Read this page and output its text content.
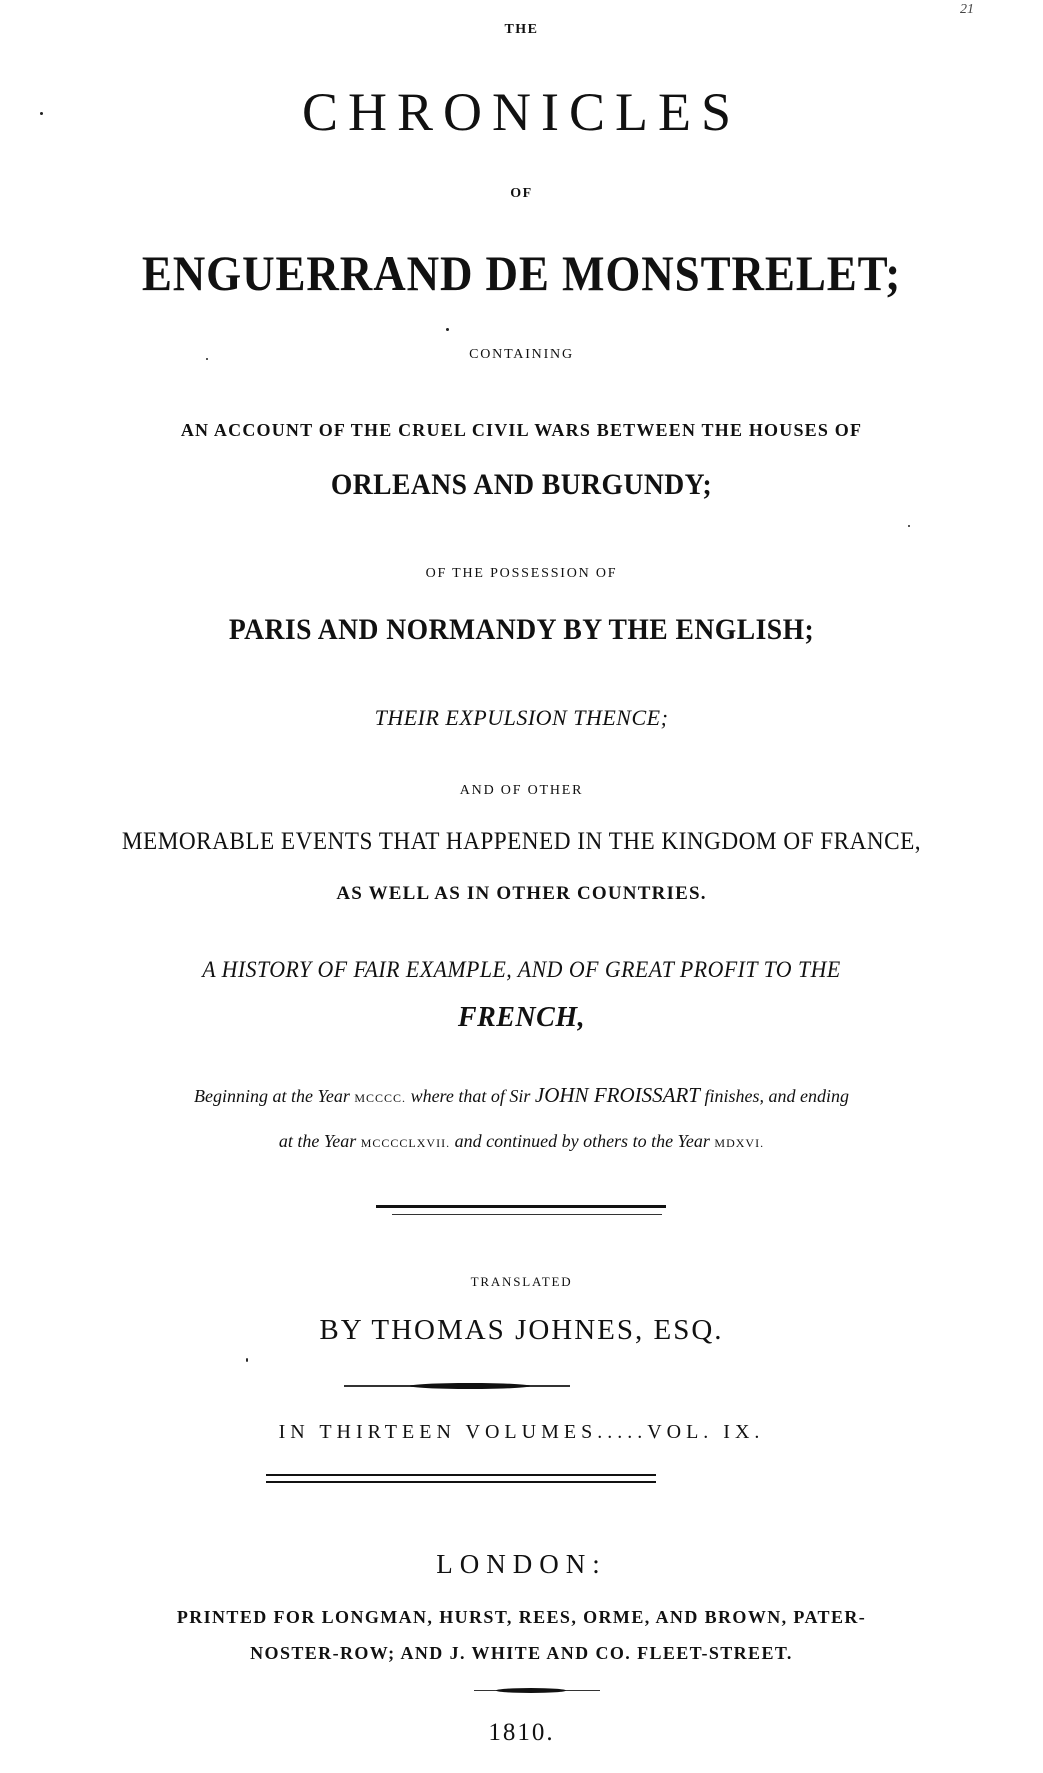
21
THE
CHRONICLES
OF
ENGUERRAND DE MONSTRELET;
CONTAINING
AN ACCOUNT OF THE CRUEL CIVIL WARS BETWEEN THE HOUSES OF
ORLEANS AND BURGUNDY;
OF THE POSSESSION OF
PARIS AND NORMANDY BY THE ENGLISH;
THEIR EXPULSION THENCE;
AND OF OTHER
MEMORABLE EVENTS THAT HAPPENED IN THE KINGDOM OF FRANCE,
AS WELL AS IN OTHER COUNTRIES.
A HISTORY OF FAIR EXAMPLE, AND OF GREAT PROFIT TO THE
FRENCH,
Beginning at the Year MCCCC. where that of Sir JOHN FROISSART finishes, and ending
at the Year MCCCCLXVII. and continued by others to the Year MDXVI.
TRANSLATED
BY THOMAS JOHNES, ESQ.
IN THIRTEEN VOLUMES.....VOL. IX.
LONDON:
PRINTED FOR LONGMAN, HURST, REES, ORME, AND BROWN, PATER-
NOSTER-ROW; AND J. WHITE AND CO. FLEET-STREET.
1810.
